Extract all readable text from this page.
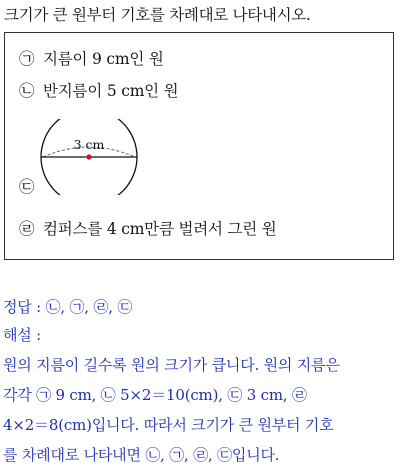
크기가 큰 원부터 기호를 차례대로 나타내시오.
㉠ 지름이 9 cm인 원
㉡ 반지름이 5 cm인 원
3 cm
㉢
㉣ 컴퍼스를 4 cm만큼 벌려서 그린 원
정답 : ㉡, ㉠, ㉣, ㉢
해설 :
원의 지름이 길수록 원의 크기가 큽니다. 원의 지름은
각각 ㉠ 9 cm, ㉡ 5×2＝10(cm), ㉢ 3 cm, ㉣
4×2＝8(cm)입니다. 따라서 크기가 큰 원부터 기호
를 차례대로 나타내면 ㉡, ㉠, ㉣, ㉢입니다.
